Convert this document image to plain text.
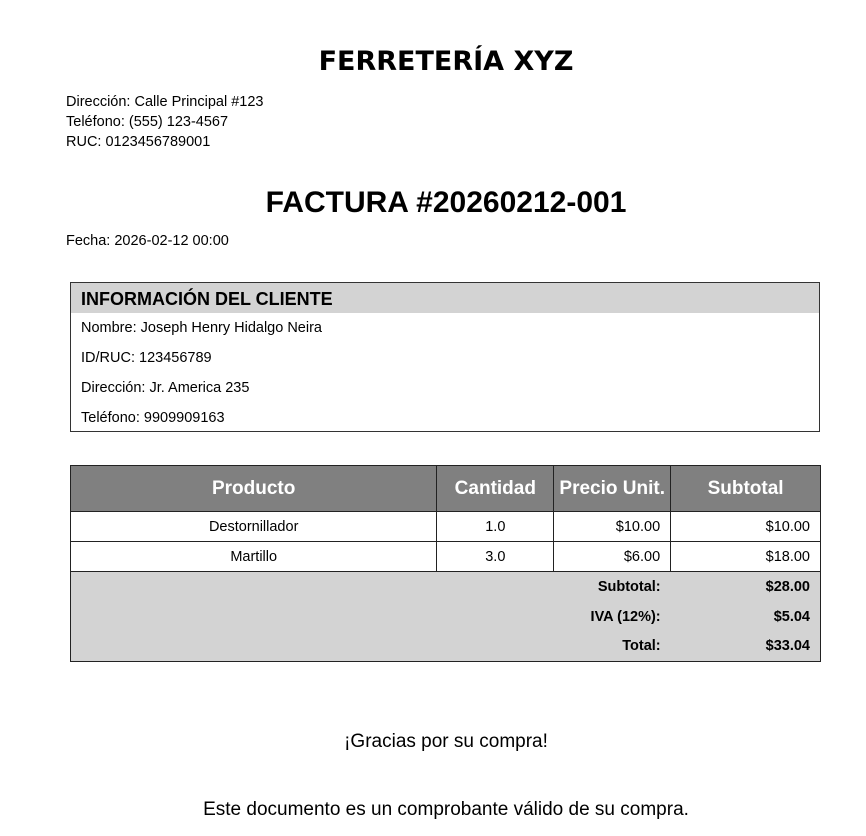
FERRETERÍA XYZ
Dirección: Calle Principal #123
Teléfono: (555) 123-4567
RUC: 0123456789001
FACTURA #20260212-001
Fecha: 2026-02-12 00:00
INFORMACIÓN DEL CLIENTE
Nombre: Joseph Henry Hidalgo Neira
ID/RUC: 123456789
Dirección: Jr. America 235
Teléfono: 9909909163
Producto	Cantidad	Precio Unit.	Subtotal
Destornillador	1.0	$10.00	$10.00
Martillo	3.0	$6.00	$18.00
Subtotal:			$28.00
IVA (12%):			$5.04
Total:			$33.04
¡Gracias por su compra!
Este documento es un comprobante válido de su compra.
